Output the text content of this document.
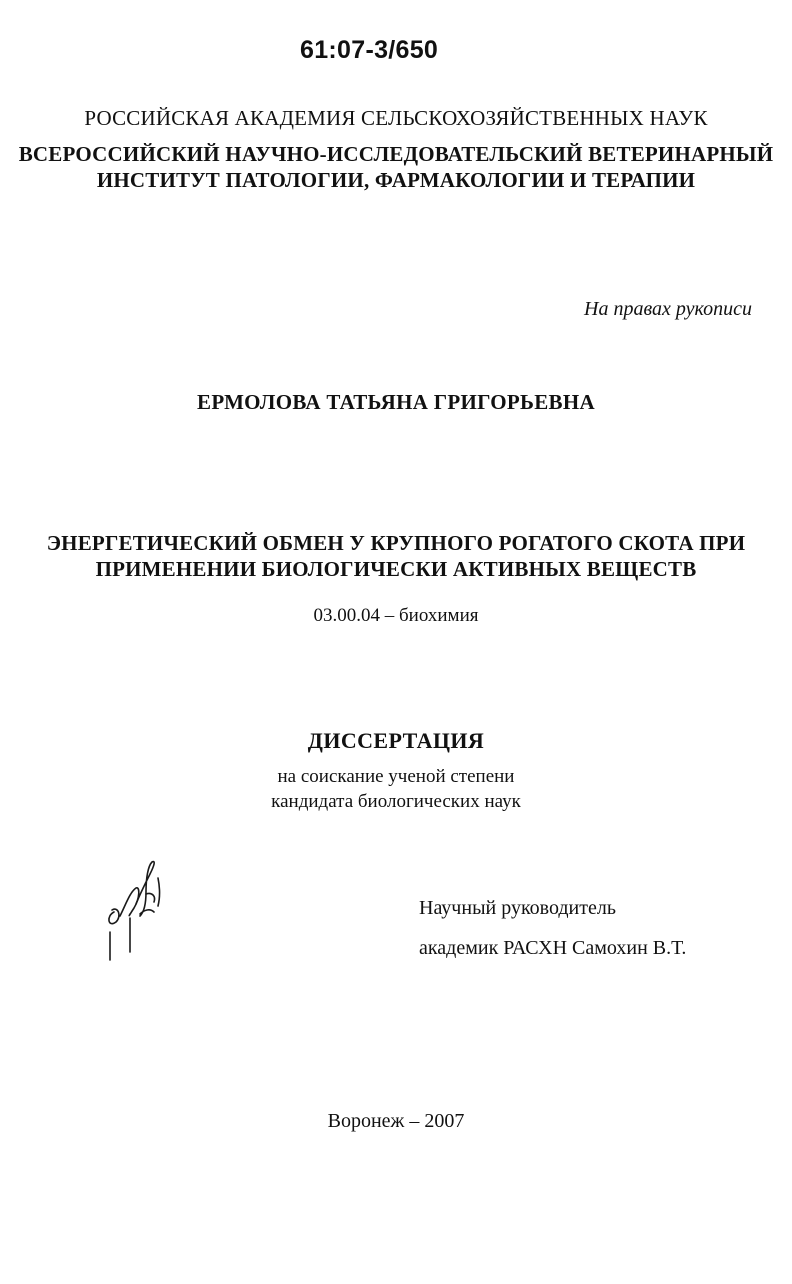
61:07-3/650
РОССИЙСКАЯ АКАДЕМИЯ СЕЛЬСКОХОЗЯЙСТВЕННЫХ НАУК
ВСЕРОССИЙСКИЙ НАУЧНО-ИССЛЕДОВАТЕЛЬСКИЙ ВЕТЕРИНАРНЫЙ
ИНСТИТУТ ПАТОЛОГИИ, ФАРМАКОЛОГИИ И ТЕРАПИИ
На правах рукописи
ЕРМОЛОВА ТАТЬЯНА ГРИГОРЬЕВНА
ЭНЕРГЕТИЧЕСКИЙ ОБМЕН У КРУПНОГО РОГАТОГО СКОТА ПРИ
ПРИМЕНЕНИИ БИОЛОГИЧЕСКИ АКТИВНЫХ ВЕЩЕСТВ
03.00.04 – биохимия
ДИССЕРТАЦИЯ
на соискание ученой степени
кандидата биологических наук
Научный руководитель
академик РАСХН Самохин В.Т.
Воронеж – 2007
